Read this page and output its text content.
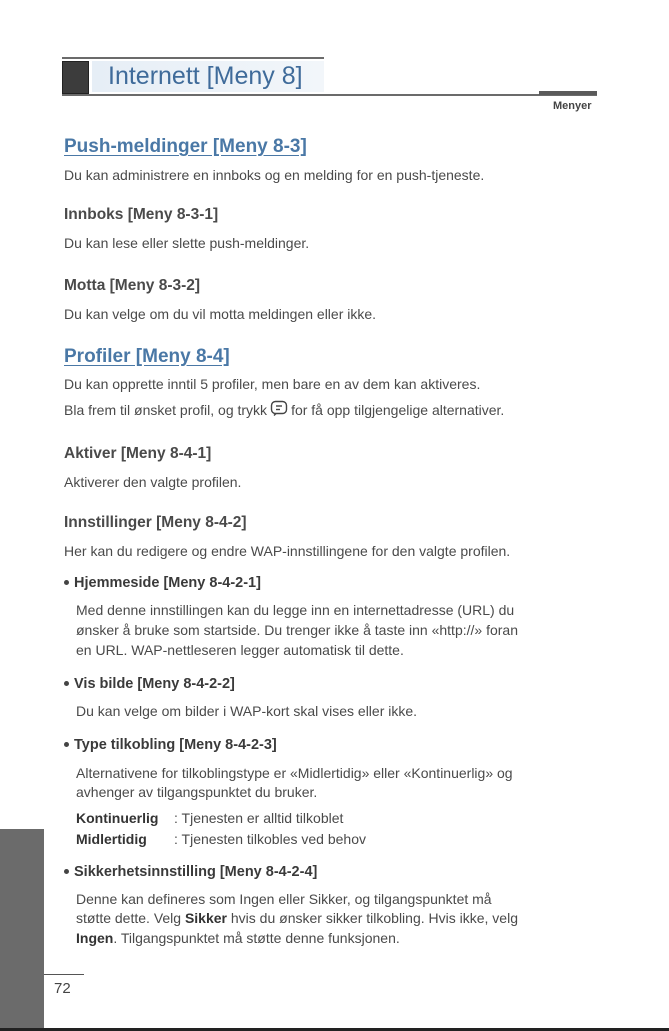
Internett [Meny 8]
Menyer
Push-meldinger [Meny 8-3]
Du kan administrere en innboks og en melding for en push-tjeneste.
Innboks [Meny 8-3-1]
Du kan lese eller slette push-meldinger.
Motta [Meny 8-3-2]
Du kan velge om du vil motta meldingen eller ikke.
Profiler [Meny 8-4]
Du kan opprette inntil 5 profiler, men bare en av dem kan aktiveres.
Bla frem til ønsket profil, og trykk for få opp tilgjengelige alternativer.
Aktiver [Meny 8-4-1]
Aktiverer den valgte profilen.
Innstillinger [Meny 8-4-2]
Her kan du redigere og endre WAP-innstillingene for den valgte profilen.
Hjemmeside [Meny 8-4-2-1]
Med denne innstillingen kan du legge inn en internettadresse (URL) du
ønsker å bruke som startside. Du trenger ikke å taste inn «http://» foran
en URL. WAP-nettleseren legger automatisk til dette.
Vis bilde [Meny 8-4-2-2]
Du kan velge om bilder i WAP-kort skal vises eller ikke.
Type tilkobling [Meny 8-4-2-3]
Alternativene for tilkoblingstype er «Midlertidig» eller «Kontinuerlig» og
avhenger av tilgangspunktet du bruker.
Kontinuerlig : Tjenesten er alltid tilkoblet
Midlertidig : Tjenesten tilkobles ved behov
Sikkerhetsinnstilling [Meny 8-4-2-4]
Denne kan defineres som Ingen eller Sikker, og tilgangspunktet må
støtte dette. Velg Sikker hvis du ønsker sikker tilkobling. Hvis ikke, velg
Ingen. Tilgangspunktet må støtte denne funksjonen.
72
